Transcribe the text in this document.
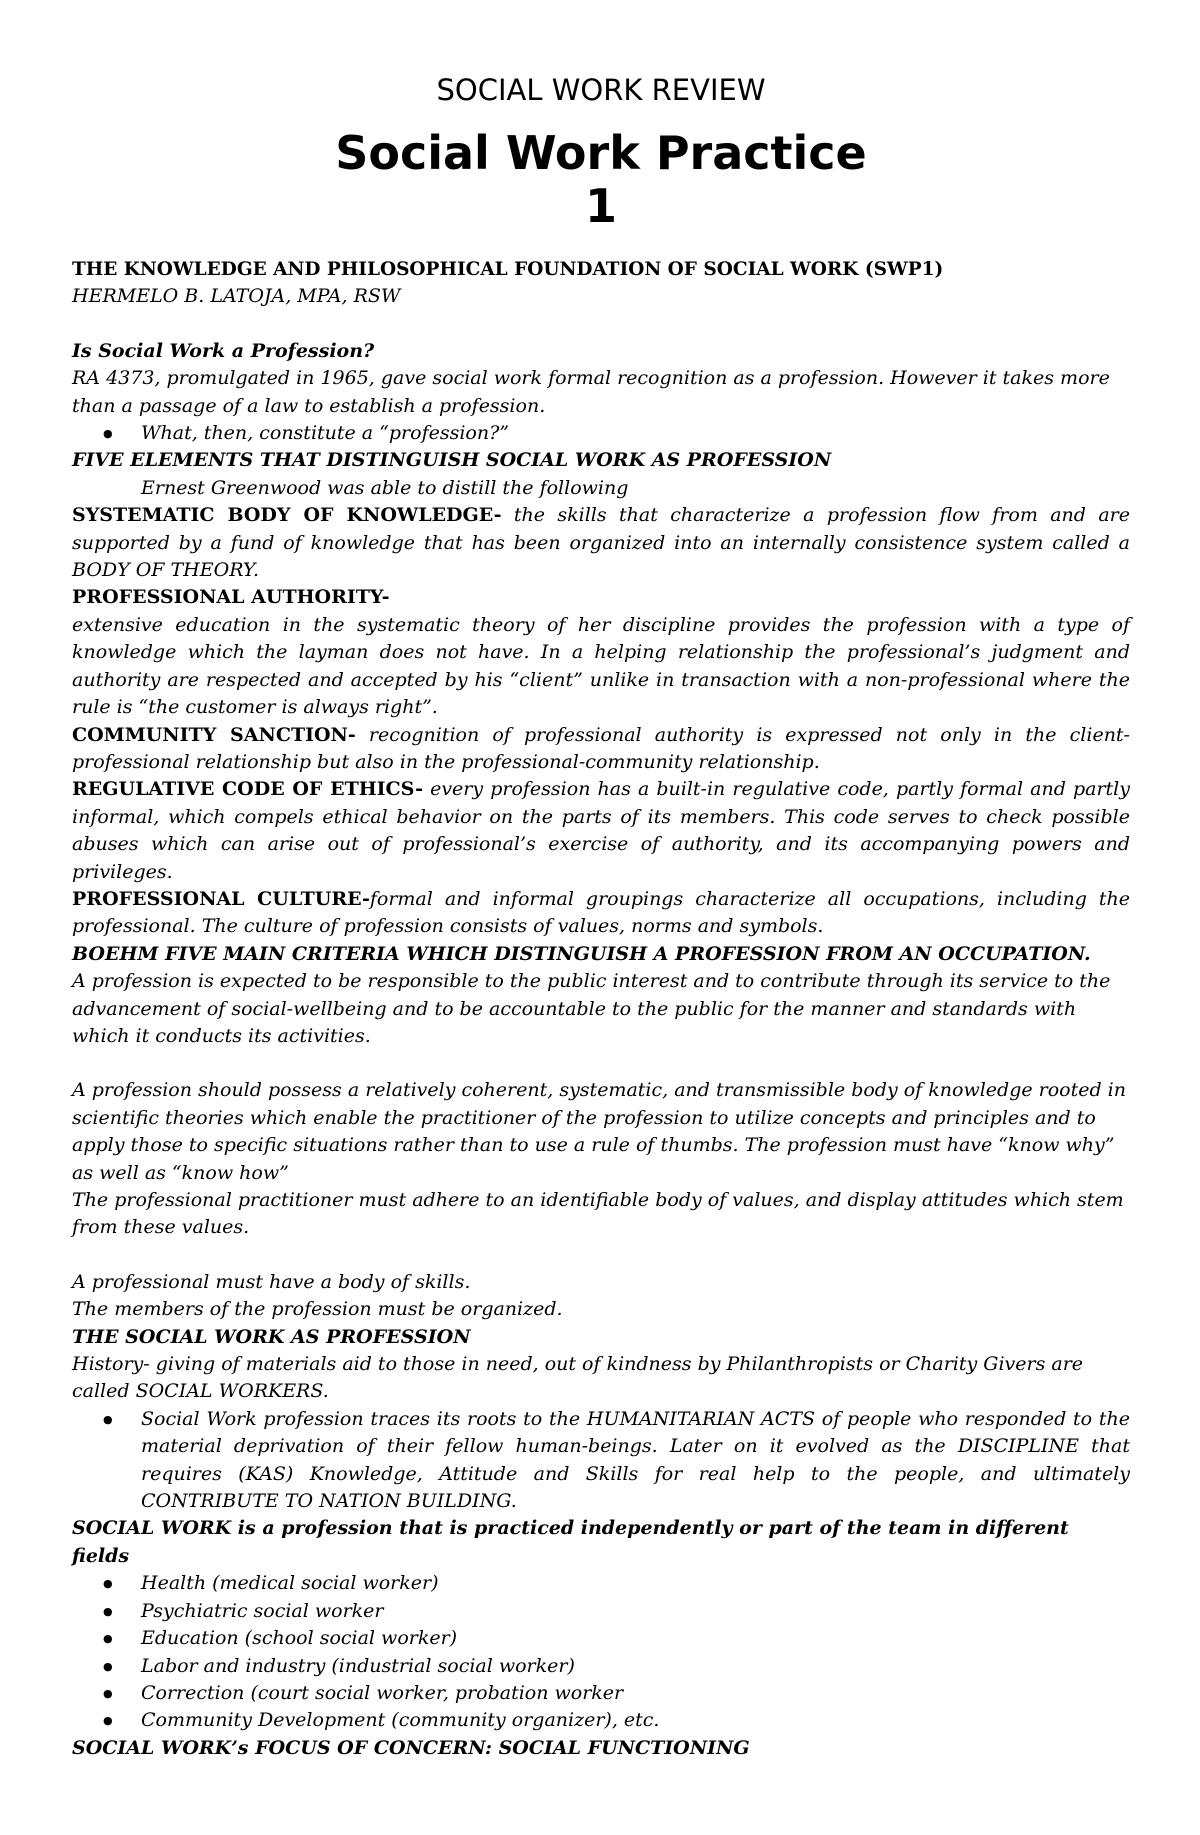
SOCIAL WORK REVIEW

Social Work Practice 1

THE KNOWLEDGE AND PHILOSOPHICAL FOUNDATION OF SOCIAL WORK (SWP1)

HERMELO B. LATOJA, MPA, RSW

Is Social Work a Profession?

RA 4373, promulgated in 1965, gave social work formal recognition as a profession. However it takes more than a passage of a law to establish a profession.

● What, then, constitute a “profession?”

FIVE ELEMENTS THAT DISTINGUISH SOCIAL WORK AS PROFESSION

Ernest Greenwood was able to distill the following

SYSTEMATIC BODY OF KNOWLEDGE- the skills that characterize a profession flow from and are supported by a fund of knowledge that has been organized into an internally consistence system called a BODY OF THEORY.

PROFESSIONAL AUTHORITY-

extensive education in the systematic theory of her discipline provides the profession with a type of knowledge which the layman does not have. In a helping relationship the professional’s judgment and authority are respected and accepted by his “client” unlike in transaction with a non-professional where the rule is “the customer is always right”.

COMMUNITY SANCTION- recognition of professional authority is expressed not only in the client-professional relationship but also in the professional-community relationship.

REGULATIVE CODE OF ETHICS- every profession has a built-in regulative code, partly formal and partly informal, which compels ethical behavior on the parts of its members. This code serves to check possible abuses which can arise out of professional’s exercise of authority, and its accompanying powers and privileges.

PROFESSIONAL CULTURE-formal and informal groupings characterize all occupations, including the professional. The culture of profession consists of values, norms and symbols.

BOEHM FIVE MAIN CRITERIA WHICH DISTINGUISH A PROFESSION FROM AN OCCUPATION.

A profession is expected to be responsible to the public interest and to contribute through its service to the advancement of social-wellbeing and to be accountable to the public for the manner and standards with which it conducts its activities.

A profession should possess a relatively coherent, systematic, and transmissible body of knowledge rooted in scientific theories which enable the practitioner of the profession to utilize concepts and principles and to apply those to specific situations rather than to use a rule of thumbs. The profession must have “know why” as well as “know how”

The professional practitioner must adhere to an identifiable body of values, and display attitudes which stem from these values.

A professional must have a body of skills.

The members of the profession must be organized.

THE SOCIAL WORK AS PROFESSION

History- giving of materials aid to those in need, out of kindness by Philanthropists or Charity Givers are called SOCIAL WORKERS.

● Social Work profession traces its roots to the HUMANITARIAN ACTS of people who responded to the material deprivation of their fellow human-beings. Later on it evolved as the DISCIPLINE that requires (KAS) Knowledge, Attitude and Skills for real help to the people, and ultimately CONTRIBUTE TO NATION BUILDING.

SOCIAL WORK is a profession that is practiced independently or part of the team in different fields

● Health (medical social worker)
● Psychiatric social worker
● Education (school social worker)
● Labor and industry (industrial social worker)
● Correction (court social worker, probation worker
● Community Development (community organizer), etc.

SOCIAL WORK’s FOCUS OF CONCERN: SOCIAL FUNCTIONING
